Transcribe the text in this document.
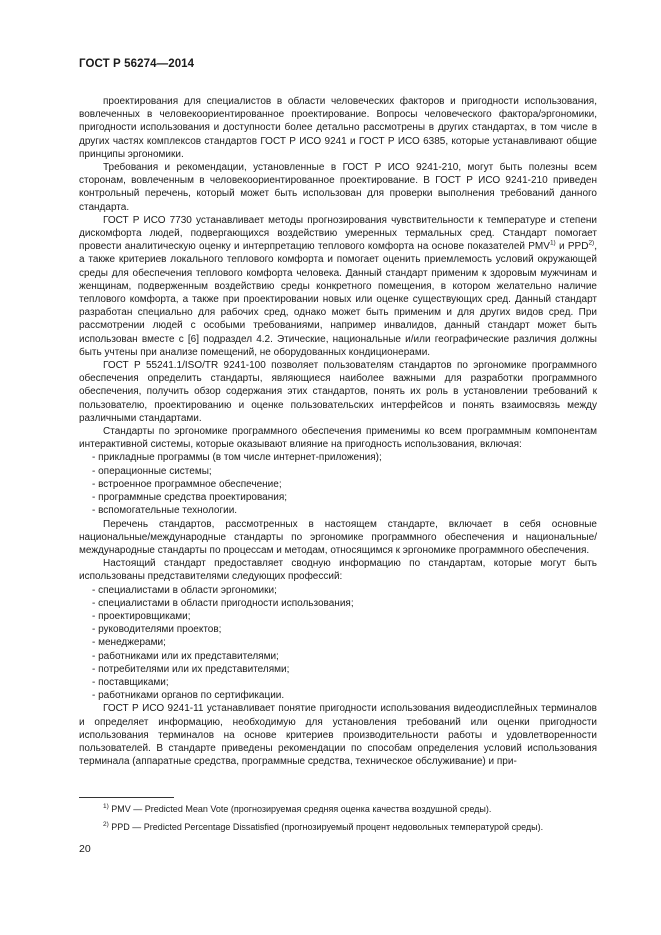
ГОСТ Р 56274—2014

проектирования для специалистов в области человеческих факторов и пригодности использования, вовлеченных в человекоориентированное проектирование. Вопросы человеческого фактора/эргономики, пригодности использования и доступности более детально рассмотрены в других стандартах, в том числе в других частях комплексов стандартов ГОСТ Р ИСО 9241 и ГОСТ Р ИСО 6385, которые устанавливают общие принципы эргономики.

Требования и рекомендации, установленные в ГОСТ Р ИСО 9241-210, могут быть полезны всем сторонам, вовлеченным в человекоориентированное проектирование. В ГОСТ Р ИСО 9241-210 приведен контрольный перечень, который может быть использован для проверки выполнения требований данного стандарта.

ГОСТ Р ИСО 7730 устанавливает методы прогнозирования чувствительности к температуре и степени дискомфорта людей, подвергающихся воздействию умеренных термальных сред. Стандарт помогает провести аналитическую оценку и интерпретацию теплового комфорта на основе показателей PMV$^{1)}$ и PPD$^{2)}$, а также критериев локального теплового комфорта и помогает оценить приемлемость условий окружающей среды для обеспечения теплового комфорта человека. Данный стандарт применим к здоровым мужчинам и женщинам, подверженным воздействию среды конкретного помещения, в котором желательно наличие теплового комфорта, а также при проектировании новых или оценке существующих сред. Данный стандарт разработан специально для рабочих сред, однако может быть применим и для других видов сред. При рассмотрении людей с особыми требованиями, например инвалидов, данный стандарт может быть использован вместе с [6] подраздел 4.2. Этические, национальные и/или географические различия должны быть учтены при анализе помещений, не оборудованных кондиционерами.

ГОСТ Р 55241.1/ISO/TR 9241-100 позволяет пользователям стандартов по эргономике программного обеспечения определить стандарты, являющиеся наиболее важными для разработки программного обеспечения, получить обзор содержания этих стандартов, понять их роль в установлении требований к пользователю, проектированию и оценке пользовательских интерфейсов и понять взаимосвязь между различными стандартами.

Стандарты по эргономике программного обеспечения применимы ко всем программным компонентам интерактивной системы, которые оказывают влияние на пригодность использования, включая:

- прикладные программы (в том числе интернет-приложения);
- операционные системы;
- встроенное программное обеспечение;
- программные средства проектирования;
- вспомогательные технологии.

Перечень стандартов, рассмотренных в настоящем стандарте, включает в себя основные национальные/международные стандарты по эргономике программного обеспечения и национальные/международные стандарты по процессам и методам, относящимся к эргономике программного обеспечения.

Настоящий стандарт предоставляет сводную информацию по стандартам, которые могут быть использованы представителями следующих профессий:

- специалистами в области эргономики;
- специалистами в области пригодности использования;
- проектировщиками;
- руководителями проектов;
- менеджерами;
- работниками или их представителями;
- потребителями или их представителями;
- поставщиками;
- работниками органов по сертификации.

ГОСТ Р ИСО 9241-11 устанавливает понятие пригодности использования видеодисплейных терминалов и определяет информацию, необходимую для установления требований или оценки пригодности использования терминалов на основе критериев производительности работы и удовлетворенности пользователей. В стандарте приведены рекомендации по способам определения условий использования терминала (аппаратные средства, программные средства, техническое обслуживание) и при-

$^{1)}$ PMV — Predicted Mean Vote (прогнозируемая средняя оценка качества воздушной среды).

$^{2)}$ PPD — Predicted Percentage Dissatisfied (прогнозируемый процент недовольных температурой среды).

20
